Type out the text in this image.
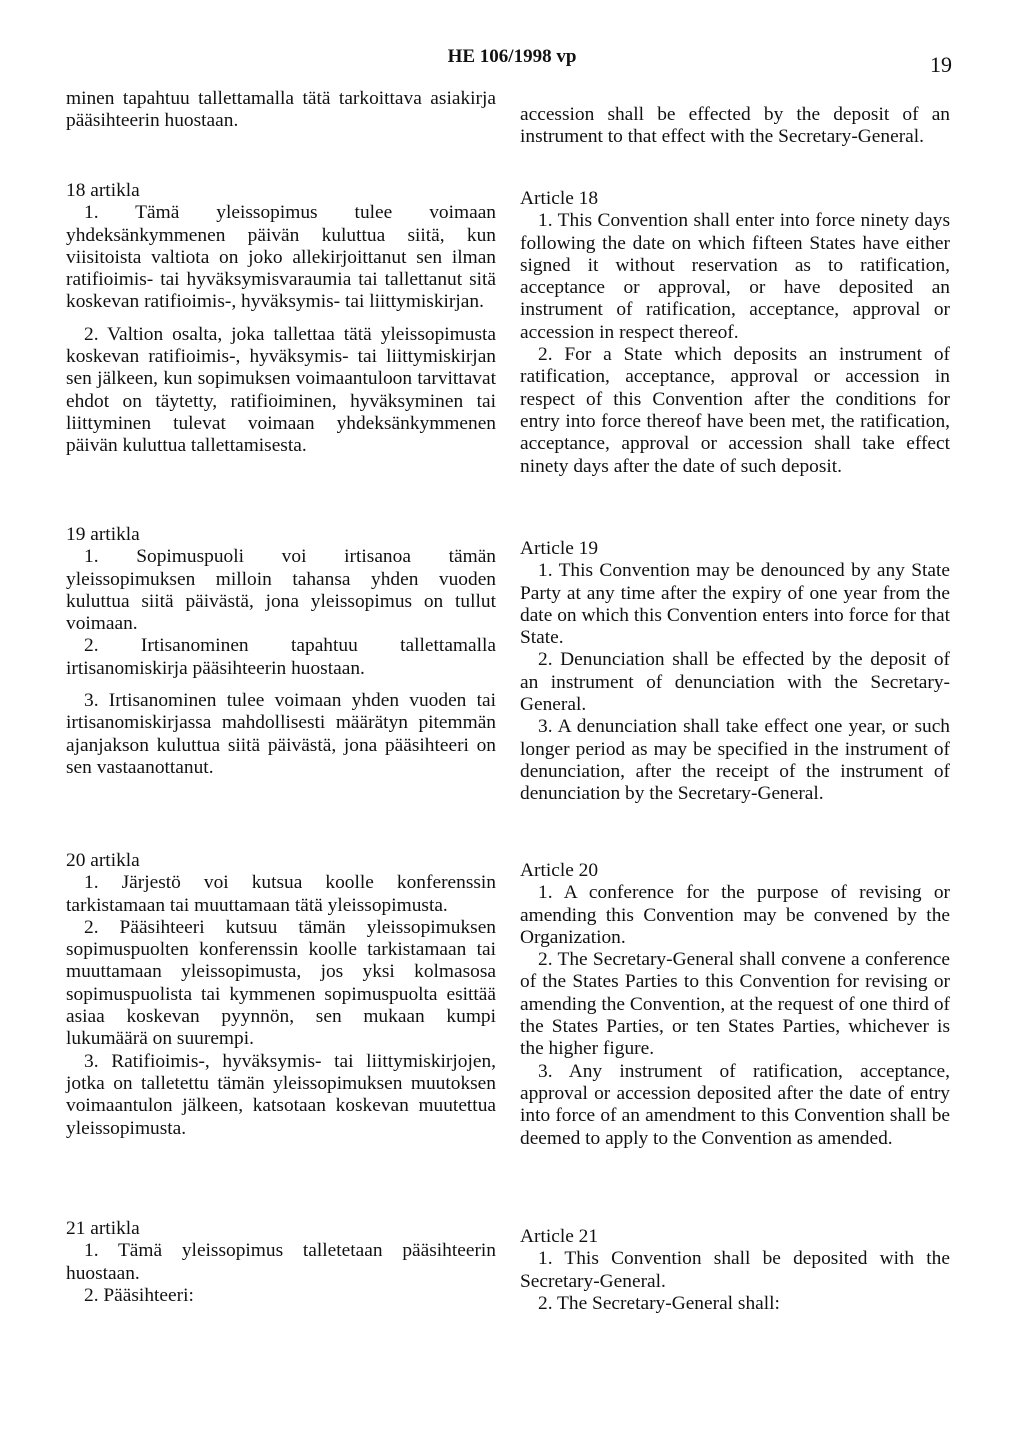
HE 106/1998 vp	19

minen tapahtuu tallettamalla tätä tarkoittava asiakirja pääsihteerin huostaan.

18 artikla

1. Tämä yleissopimus tulee voimaan yhdeksänkymmenen päivän kuluttua siitä, kun viisitoista valtiota on joko allekirjoittanut sen ilman ratifioimis- tai hyväksymisvaraumia tai tallettanut sitä koskevan ratifioimis-, hyväksymis- tai liittymiskirjan.

2. Valtion osalta, joka tallettaa tätä yleissopimusta koskevan ratifioimis-, hyväksymis- tai liittymiskirjan sen jälkeen, kun sopimuksen voimaantuloon tarvittavat ehdot on täytetty, ratifioiminen, hyväksyminen tai liittyminen tulevat voimaan yhdeksänkymmenen päivän kuluttua tallettamisesta.

19 artikla

1. Sopimuspuoli voi irtisanoa tämän yleissopimuksen milloin tahansa yhden vuoden kuluttua siitä päivästä, jona yleissopimus on tullut voimaan.

2. Irtisanominen tapahtuu tallettamalla irtisanomiskirja pääsihteerin huostaan.

3. Irtisanominen tulee voimaan yhden vuoden tai irtisanomiskirjassa mahdollisesti määrätyn pitemmän ajanjakson kuluttua siitä päivästä, jona pääsihteeri on sen vastaanottanut.

20 artikla

1. Järjestö voi kutsua koolle konferenssin tarkistamaan tai muuttamaan tätä yleissopimusta.

2. Pääsihteeri kutsuu tämän yleissopimuksen sopimuspuolten konferenssin koolle tarkistamaan tai muuttamaan yleissopimusta, jos yksi kolmasosa sopimuspuolista tai kymmenen sopimuspuolta esittää asiaa koskevan pyynnön, sen mukaan kumpi lukumäärä on suurempi.

3. Ratifioimis-, hyväksymis- tai liittymiskirjojen, jotka on talletettu tämän yleissopimuksen muutoksen voimaantulon jälkeen, katsotaan koskevan muutettua yleissopimusta.

21 artikla

1. Tämä yleissopimus talletetaan pääsihteerin huostaan.

2. Pääsihteeri:

accession shall be effected by the deposit of an instrument to that effect with the Secretary-General.

Article 18

1. This Convention shall enter into force ninety days following the date on which fifteen States have either signed it without reservation as to ratification, acceptance or approval, or have deposited an instrument of ratification, acceptance, approval or accession in respect thereof.

2. For a State which deposits an instrument of ratification, acceptance, approval or accession in respect of this Convention after the conditions for entry into force thereof have been met, the ratification, acceptance, approval or accession shall take effect ninety days after the date of such deposit.

Article 19

1. This Convention may be denounced by any State Party at any time after the expiry of one year from the date on which this Convention enters into force for that State.

2. Denunciation shall be effected by the deposit of an instrument of denunciation with the Secretary-General.

3. A denunciation shall take effect one year, or such longer period as may be specified in the instrument of denunciation, after the receipt of the instrument of denunciation by the Secretary-General.

Article 20

1. A conference for the purpose of revising or amending this Convention may be convened by the Organization.

2. The Secretary-General shall convene a conference of the States Parties to this Convention for revising or amending the Convention, at the request of one third of the States Parties, or ten States Parties, whichever is the higher figure.

3. Any instrument of ratification, acceptance, approval or accession deposited after the date of entry into force of an amendment to this Convention shall be deemed to apply to the Convention as amended.

Article 21

1. This Convention shall be deposited with the Secretary-General.

2. The Secretary-General shall:
